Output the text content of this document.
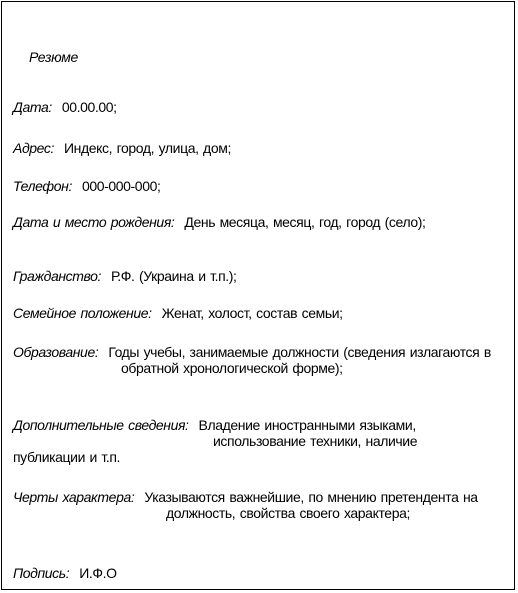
Резюме
Дата: 00.00.00;
Адрес: Индекс, город, улица, дом;
Телефон: 000-000-000;
Дата и место рождения: День месяца, месяц, год, город (село);
Гражданство: Р.Ф. (Украина и т.п.);
Семейное положение: Женат, холост, состав семьи;
Образование: Годы учебы, занимаемые должности (сведения излагаются в
обратной хронологической форме);
Дополнительные сведения: Владение иностранными языками,
использование техники, наличие
публикации и т.п.
Черты характера: Указываются важнейшие, по мнению претендента на
должность, свойства своего характера;
Подпись: И.Ф.О
